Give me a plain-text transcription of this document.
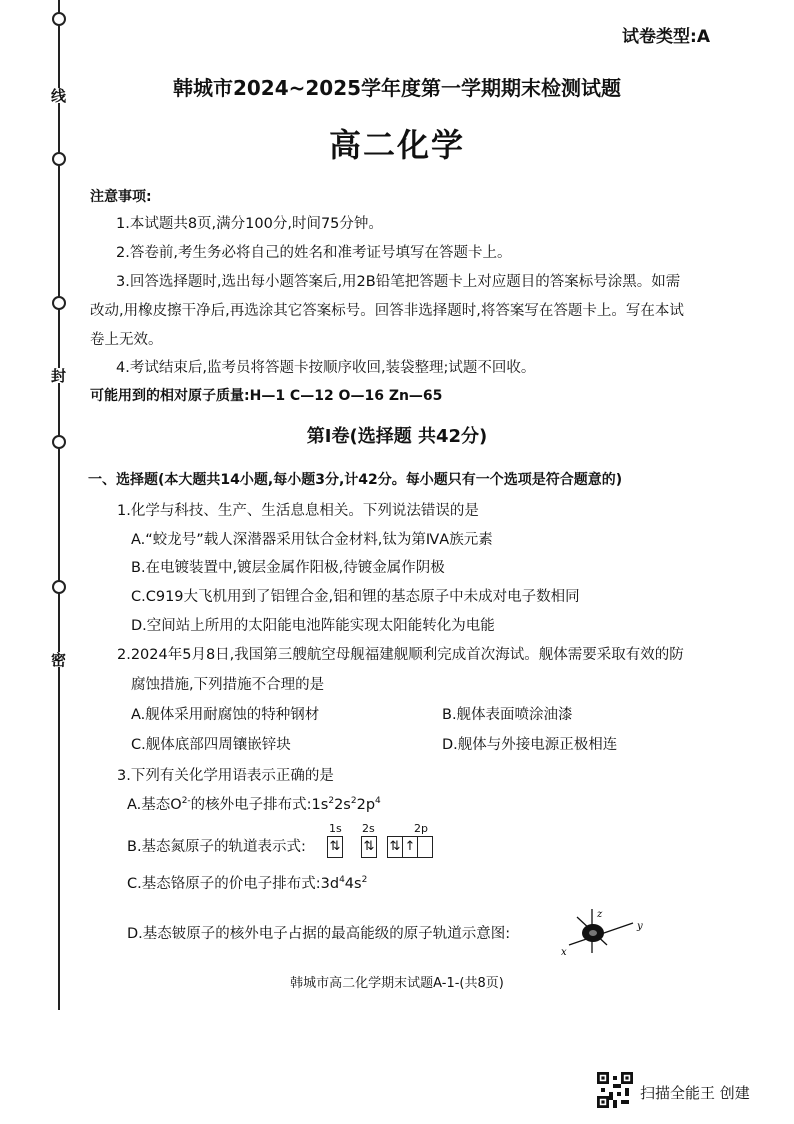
线
封
密
试卷类型:A
韩城市2024~2025学年度第一学期期末检测试题
高二化学
注意事项:
1.本试题共8页,满分100分,时间75分钟。
2.答卷前,考生务必将自己的姓名和准考证号填写在答题卡上。
3.回答选择题时,选出每小题答案后,用2B铅笔把答题卡上对应题目的答案标号涂黑。如需
改动,用橡皮擦干净后,再选涂其它答案标号。回答非选择题时,将答案写在答题卡上。写在本试
卷上无效。
4.考试结束后,监考员将答题卡按顺序收回,装袋整理;试题不回收。
可能用到的相对原子质量:H—1 C—12 O—16 Zn—65
第Ⅰ卷(选择题 共42分)
一、选择题(本大题共14小题,每小题3分,计42分。每小题只有一个选项是符合题意的)
1.化学与科技、生产、生活息息相关。下列说法错误的是
A.“蛟龙号”载人深潜器采用钛合金材料,钛为第ⅣA族元素
B.在电镀装置中,镀层金属作阳极,待镀金属作阴极
C.C919大飞机用到了铝锂合金,铝和锂的基态原子中未成对电子数相同
D.空间站上所用的太阳能电池阵能实现太阳能转化为电能
2.2024年5月8日,我国第三艘航空母舰福建舰顺利完成首次海试。舰体需要采取有效的防
腐蚀措施,下列措施不合理的是
A.舰体采用耐腐蚀的特种钢材	B.舰体表面喷涂油漆
C.舰体底部四周镶嵌锌块	D.舰体与外接电源正极相连
3.下列有关化学用语表示正确的是
A.基态$O^{2-}$的核外电子排布式$:1s^22s^22p^4$
B.基态氮原子的轨道表示式:
1s 2s	2p
⇅ ⇅ ⇅ ↑
C.基态铬原子的价电子排布式$:3d^44s^2$
D.基态铍原子的核外电子占据的最高能级的原子轨道示意图:
z
y
x
韩城市高二化学期末试题A-1-(共8页)
扫描全能王 创建
